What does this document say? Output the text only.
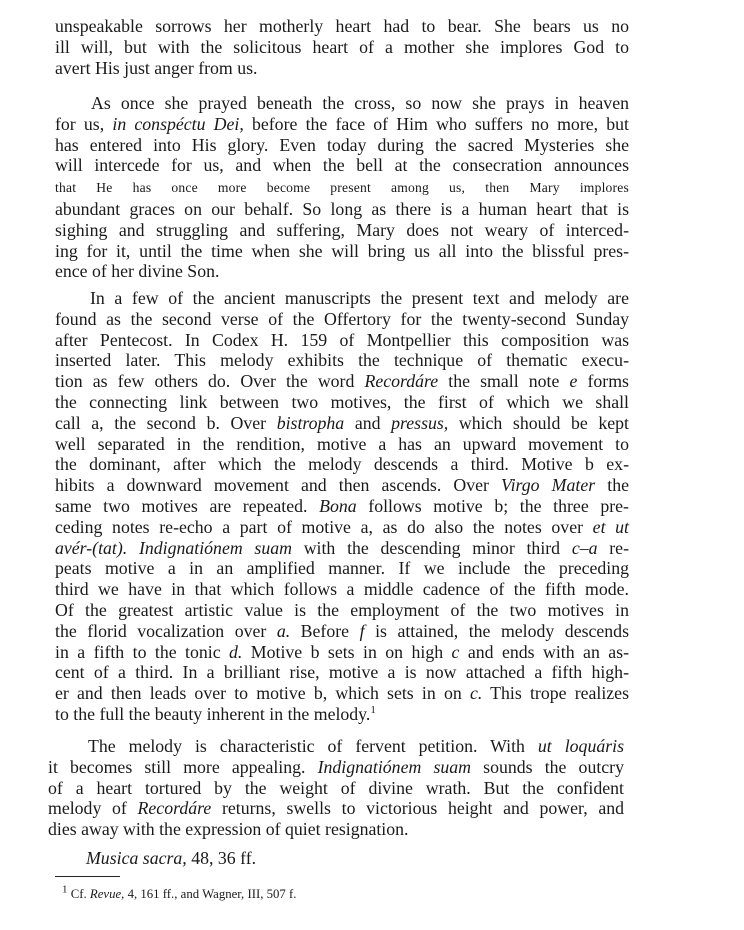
unspeakable sorrows her motherly heart had to bear. She bears us no
ill will, but with the solicitous heart of a mother she implores God to
avert His just anger from us.
As once she prayed beneath the cross, so now she prays in heaven
for us, in conspéctu Dei, before the face of Him who suffers no more, but
has entered into His glory. Even today during the sacred Mysteries she
will intercede for us, and when the bell at the consecration announces
that He has once more become present among us, then Mary implores
abundant graces on our behalf. So long as there is a human heart that is
sighing and struggling and suffering, Mary does not weary of interced-
ing for it, until the time when she will bring us all into the blissful pres-
ence of her divine Son.
In a few of the ancient manuscripts the present text and melody are
found as the second verse of the Offertory for the twenty-second Sunday
after Pentecost. In Codex H. 159 of Montpellier this composition was
inserted later. This melody exhibits the technique of thematic execu-
tion as few others do. Over the word Recordáre the small note e forms
the connecting link between two motives, the first of which we shall
call a, the second b. Over bistropha and pressus, which should be kept
well separated in the rendition, motive a has an upward movement to
the dominant, after which the melody descends a third. Motive b ex-
hibits a downward movement and then ascends. Over Virgo Mater the
same two motives are repeated. Bona follows motive b; the three pre-
ceding notes re-echo a part of motive a, as do also the notes over et ut
avér-(tat). Indignatiónem suam with the descending minor third c–a re-
peats motive a in an amplified manner. If we include the preceding
third we have in that which follows a middle cadence of the fifth mode.
Of the greatest artistic value is the employment of the two motives in
the florid vocalization over a. Before f is attained, the melody descends
in a fifth to the tonic d. Motive b sets in on high c and ends with an as-
cent of a third. In a brilliant rise, motive a is now attached a fifth high-
er and then leads over to motive b, which sets in on c. This trope realizes
to the full the beauty inherent in the melody.$^1$
The melody is characteristic of fervent petition. With ut loquáris
it becomes still more appealing. Indignatiónem suam sounds the outcry
of a heart tortured by the weight of divine wrath. But the confident
melody of Recordáre returns, swells to victorious height and power, and
dies away with the expression of quiet resignation.
Musica sacra, 48, 36 ff.
$^1$ Cf. Revue, 4, 161 ff., and Wagner, III, 507 f.
